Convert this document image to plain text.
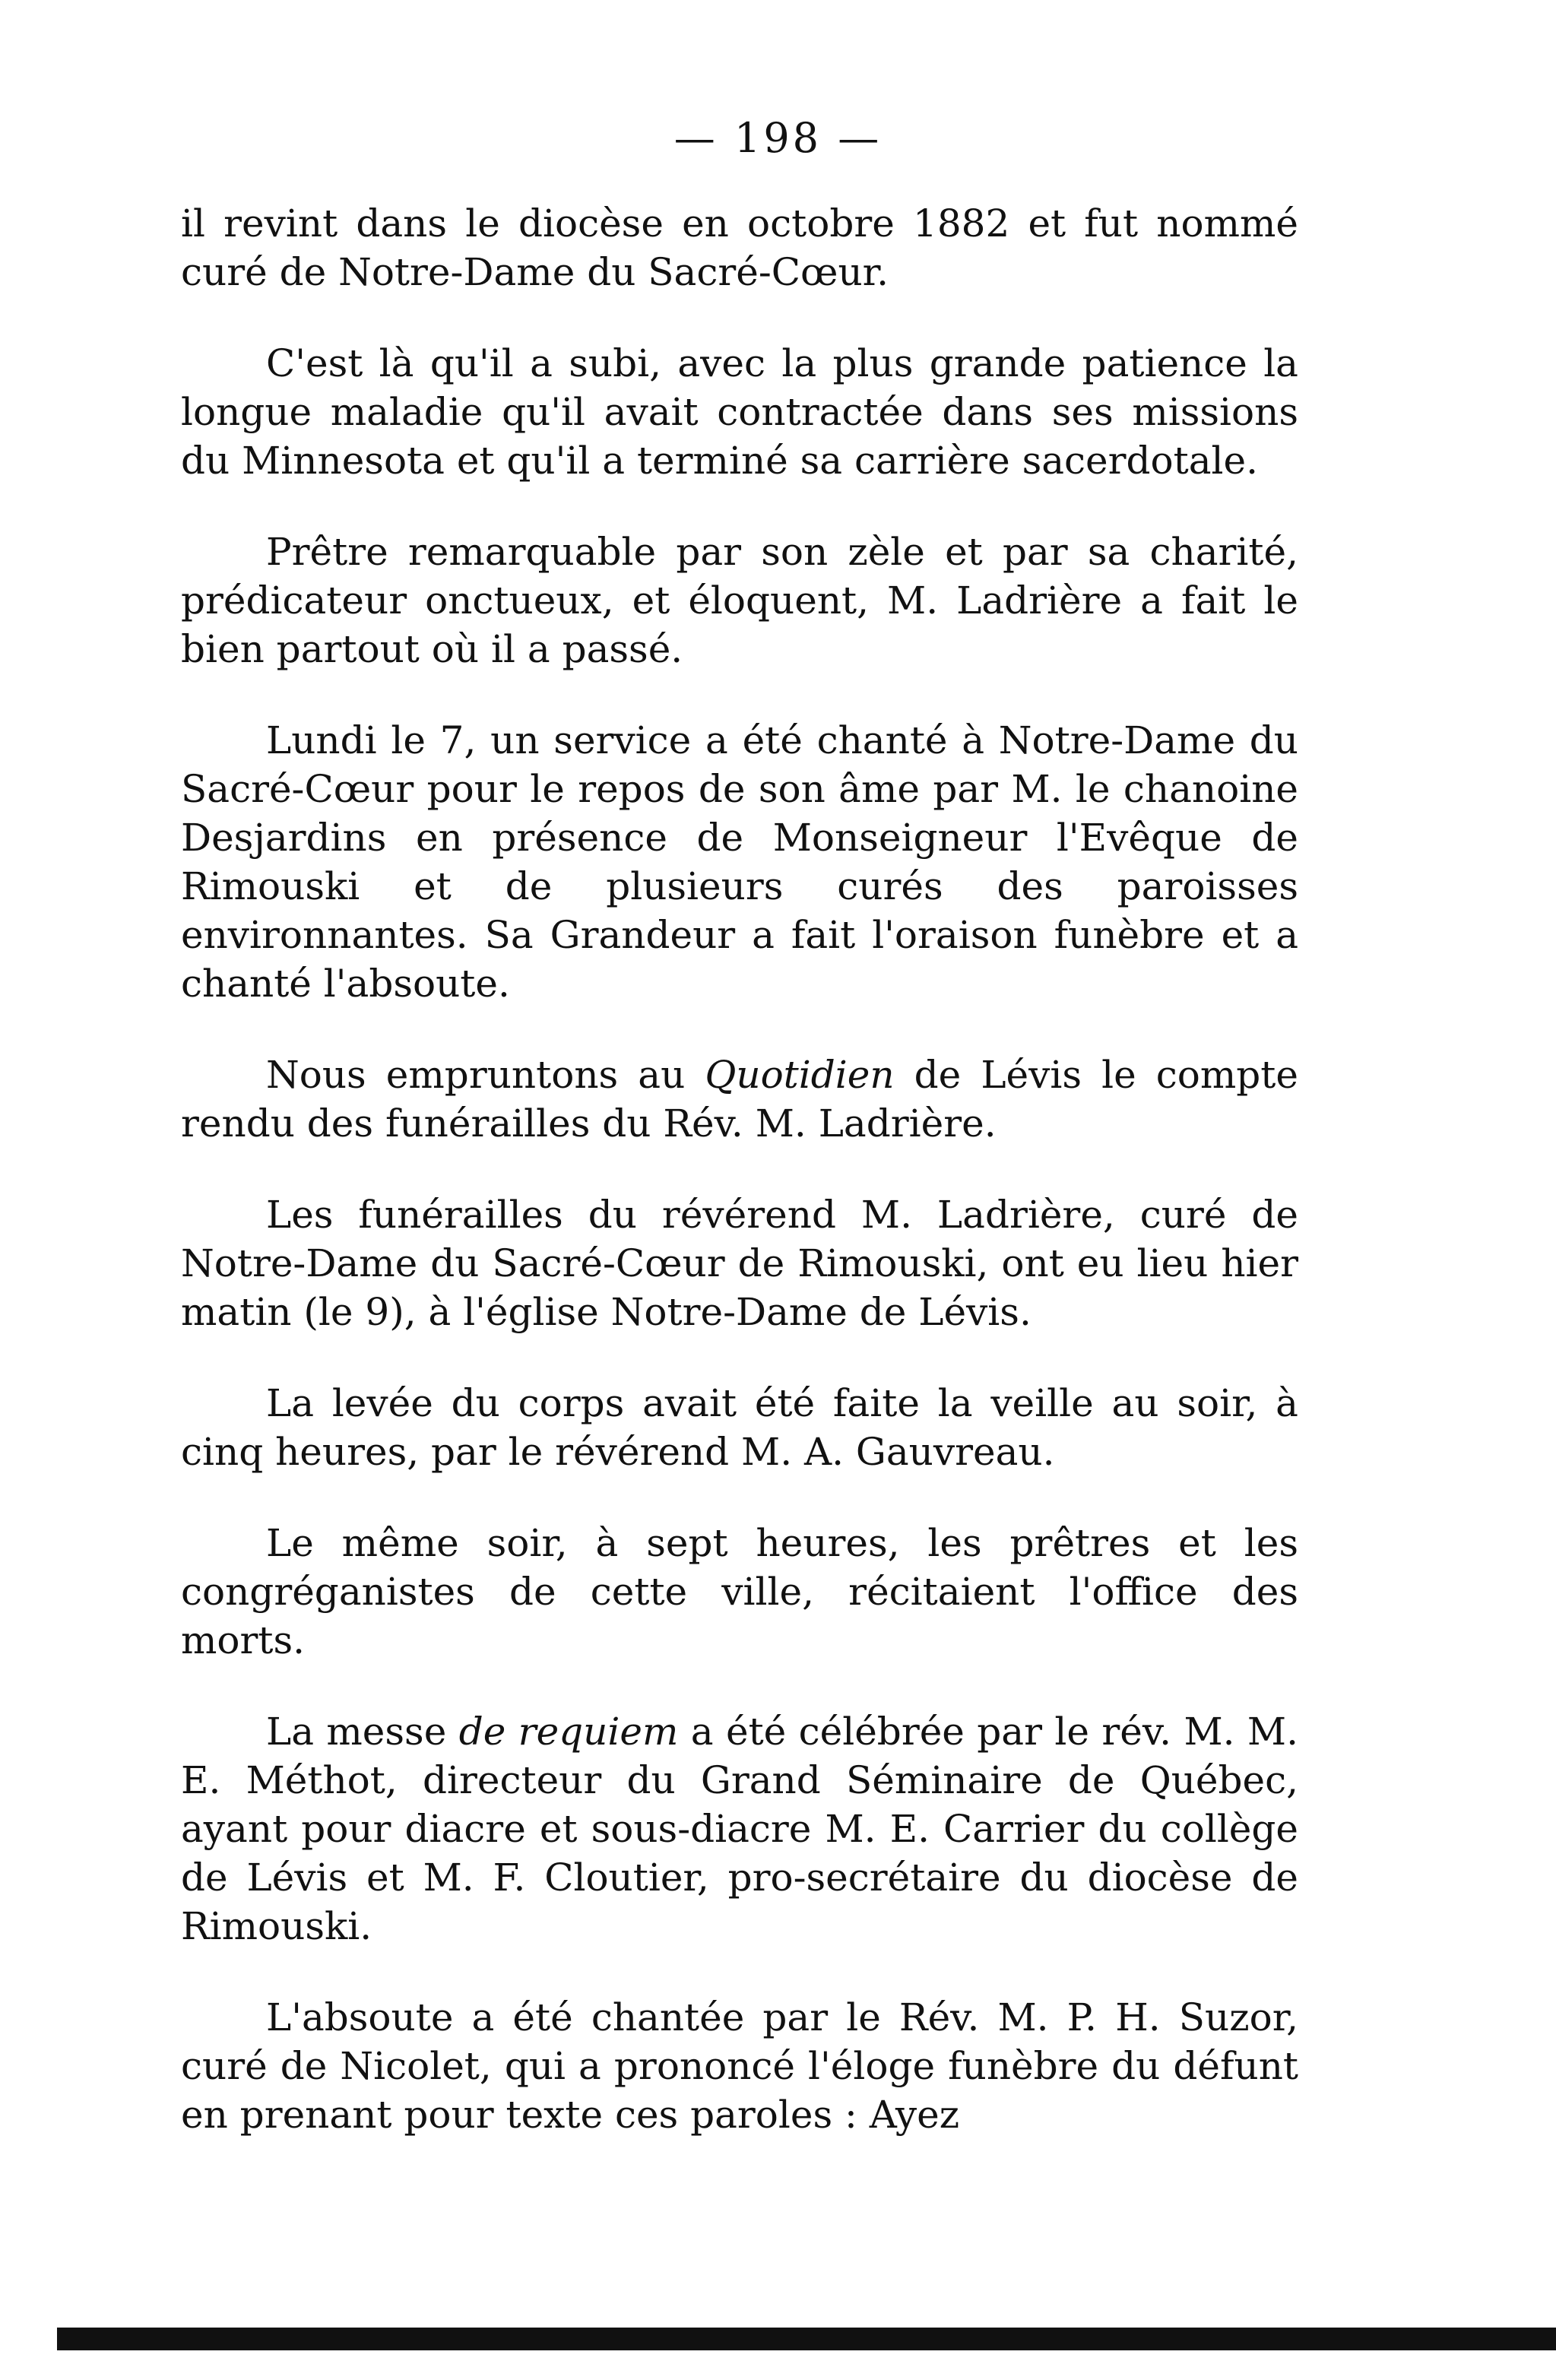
— 198 —

il revint dans le diocèse en octobre 1882 et fut nommé curé de Notre-Dame du Sacré-Cœur.

C'est là qu'il a subi, avec la plus grande patience la longue maladie qu'il avait contractée dans ses missions du Minnesota et qu'il a terminé sa carrière sacerdotale.

Prêtre remarquable par son zèle et par sa charité, prédicateur onctueux, et éloquent, M. Ladrière a fait le bien partout où il a passé.

Lundi le 7, un service a été chanté à Notre-Dame du Sacré-Cœur pour le repos de son âme par M. le chanoine Desjardins en présence de Monseigneur l'Evêque de Rimouski et de plusieurs curés des paroisses environnantes. Sa Grandeur a fait l'oraison funèbre et a chanté l'absoute.

Nous empruntons au Quotidien de Lévis le compte rendu des funérailles du Rév. M. Ladrière.

Les funérailles du révérend M. Ladrière, curé de Notre-Dame du Sacré-Cœur de Rimouski, ont eu lieu hier matin (le 9), à l'église Notre-Dame de Lévis.

La levée du corps avait été faite la veille au soir, à cinq heures, par le révérend M. A. Gauvreau.

Le même soir, à sept heures, les prêtres et les congréganistes de cette ville, récitaient l'office des morts.

La messe de requiem a été célébrée par le rév. M. M. E. Méthot, directeur du Grand Séminaire de Québec, ayant pour diacre et sous-diacre M. E. Carrier du collège de Lévis et M. F. Cloutier, pro-secrétaire du diocèse de Rimouski.

L'absoute a été chantée par le Rév. M. P. H. Suzor, curé de Nicolet, qui a prononcé l'éloge funèbre du défunt en prenant pour texte ces paroles : Ayez
